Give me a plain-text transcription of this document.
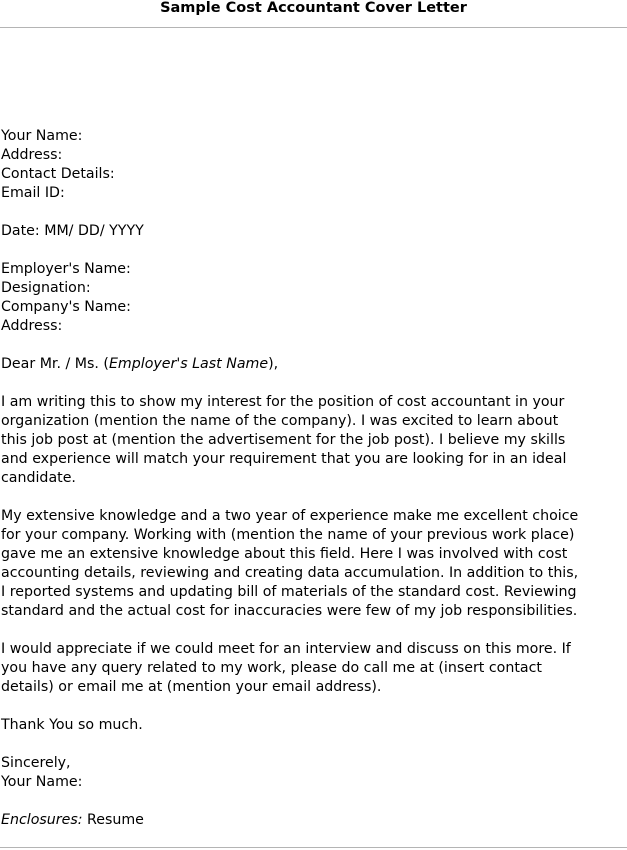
Sample Cost Accountant Cover Letter
Your Name:
Address:
Contact Details:
Email ID:
Date: MM/ DD/ YYYY
Employer's Name:
Designation:
Company's Name:
Address:
Dear Mr. / Ms. (Employer's Last Name),
I am writing this to show my interest for the position of cost accountant in your
organization (mention the name of the company). I was excited to learn about
this job post at (mention the advertisement for the job post). I believe my skills
and experience will match your requirement that you are looking for in an ideal
candidate.
My extensive knowledge and a two year of experience make me excellent choice
for your company. Working with (mention the name of your previous work place)
gave me an extensive knowledge about this field. Here I was involved with cost
accounting details, reviewing and creating data accumulation. In addition to this,
I reported systems and updating bill of materials of the standard cost. Reviewing
standard and the actual cost for inaccuracies were few of my job responsibilities.
I would appreciate if we could meet for an interview and discuss on this more. If
you have any query related to my work, please do call me at (insert contact
details) or email me at (mention your email address).
Thank You so much.
Sincerely,
Your Name:
Enclosures: Resume
